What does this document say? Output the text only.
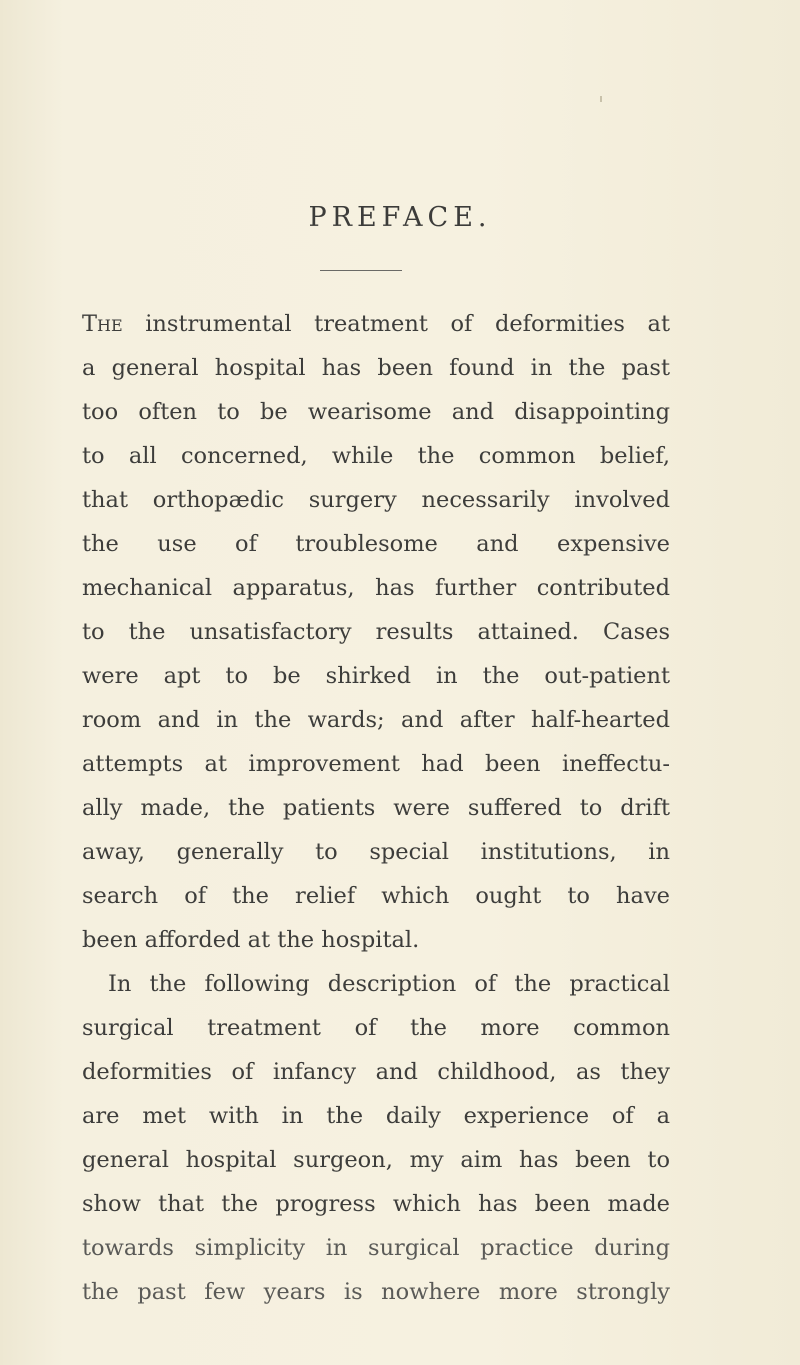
PREFACE.
The instrumental treatment of deformities at
a general hospital has been found in the past
too often to be wearisome and disappointing
to all concerned, while the common belief,
that orthopædic surgery necessarily involved
the use of troublesome and expensive
mechanical apparatus, has further contributed
to the unsatisfactory results attained. Cases
were apt to be shirked in the out-patient
room and in the wards; and after half-hearted
attempts at improvement had been ineffectu-
ally made, the patients were suffered to drift
away, generally to special institutions, in
search of the relief which ought to have
been afforded at the hospital.
In the following description of the practical
surgical treatment of the more common
deformities of infancy and childhood, as they
are met with in the daily experience of a
general hospital surgeon, my aim has been to
show that the progress which has been made
towards simplicity in surgical practice during
the past few years is nowhere more strongly
